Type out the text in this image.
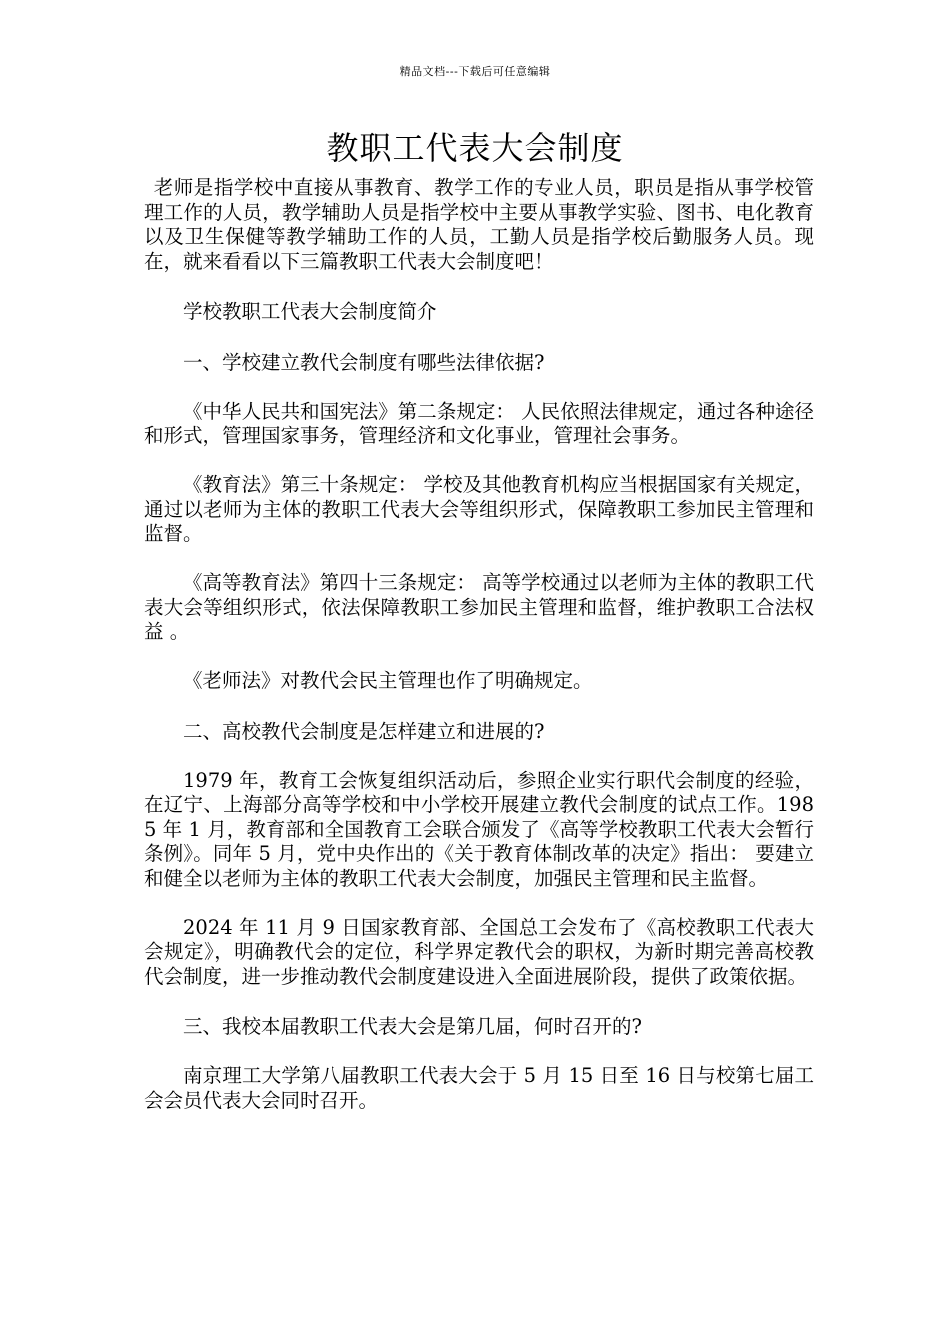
精品文档---下载后可任意编辑
教职工代表大会制度

老师是指学校中直接从事教育、教学工作的专业人员，职员是指从事学校管理工作的人员，教学辅助人员是指学校中主要从事教学实验、图书、电化教育以及卫生保健等教学辅助工作的人员，工勤人员是指学校后勤服务人员。现在，就来看看以下三篇教职工代表大会制度吧！

学校教职工代表大会制度简介

一、学校建立教代会制度有哪些法律依据?

《中华人民共和国宪法》第二条规定： 人民依照法律规定，通过各种途径和形式，管理国家事务，管理经济和文化事业，管理社会事务。

《教育法》第三十条规定： 学校及其他教育机构应当根据国家有关规定，通过以老师为主体的教职工代表大会等组织形式，保障教职工参加民主管理和监督。

《高等教育法》第四十三条规定： 高等学校通过以老师为主体的教职工代表大会等组织形式，依法保障教职工参加民主管理和监督，维护教职工合法权益 。

《老师法》对教代会民主管理也作了明确规定。

二、高校教代会制度是怎样建立和进展的?

1979 年，教育工会恢复组织活动后，参照企业实行职代会制度的经验，在辽宁、上海部分高等学校和中小学校开展建立教代会制度的试点工作。1985 年 1 月，教育部和全国教育工会联合颁发了《高等学校教职工代表大会暂行条例》。同年 5 月，党中央作出的《关于教育体制改革的决定》指出： 要建立和健全以老师为主体的教职工代表大会制度，加强民主管理和民主监督。

2024 年 11 月 9 日国家教育部、全国总工会发布了《高校教职工代表大会规定》，明确教代会的定位，科学界定教代会的职权，为新时期完善高校教代会制度，进一步推动教代会制度建设进入全面进展阶段，提供了政策依据。

三、我校本届教职工代表大会是第几届，何时召开的?

南京理工大学第八届教职工代表大会于 5 月 15 日至 16 日与校第七届工会会员代表大会同时召开。
